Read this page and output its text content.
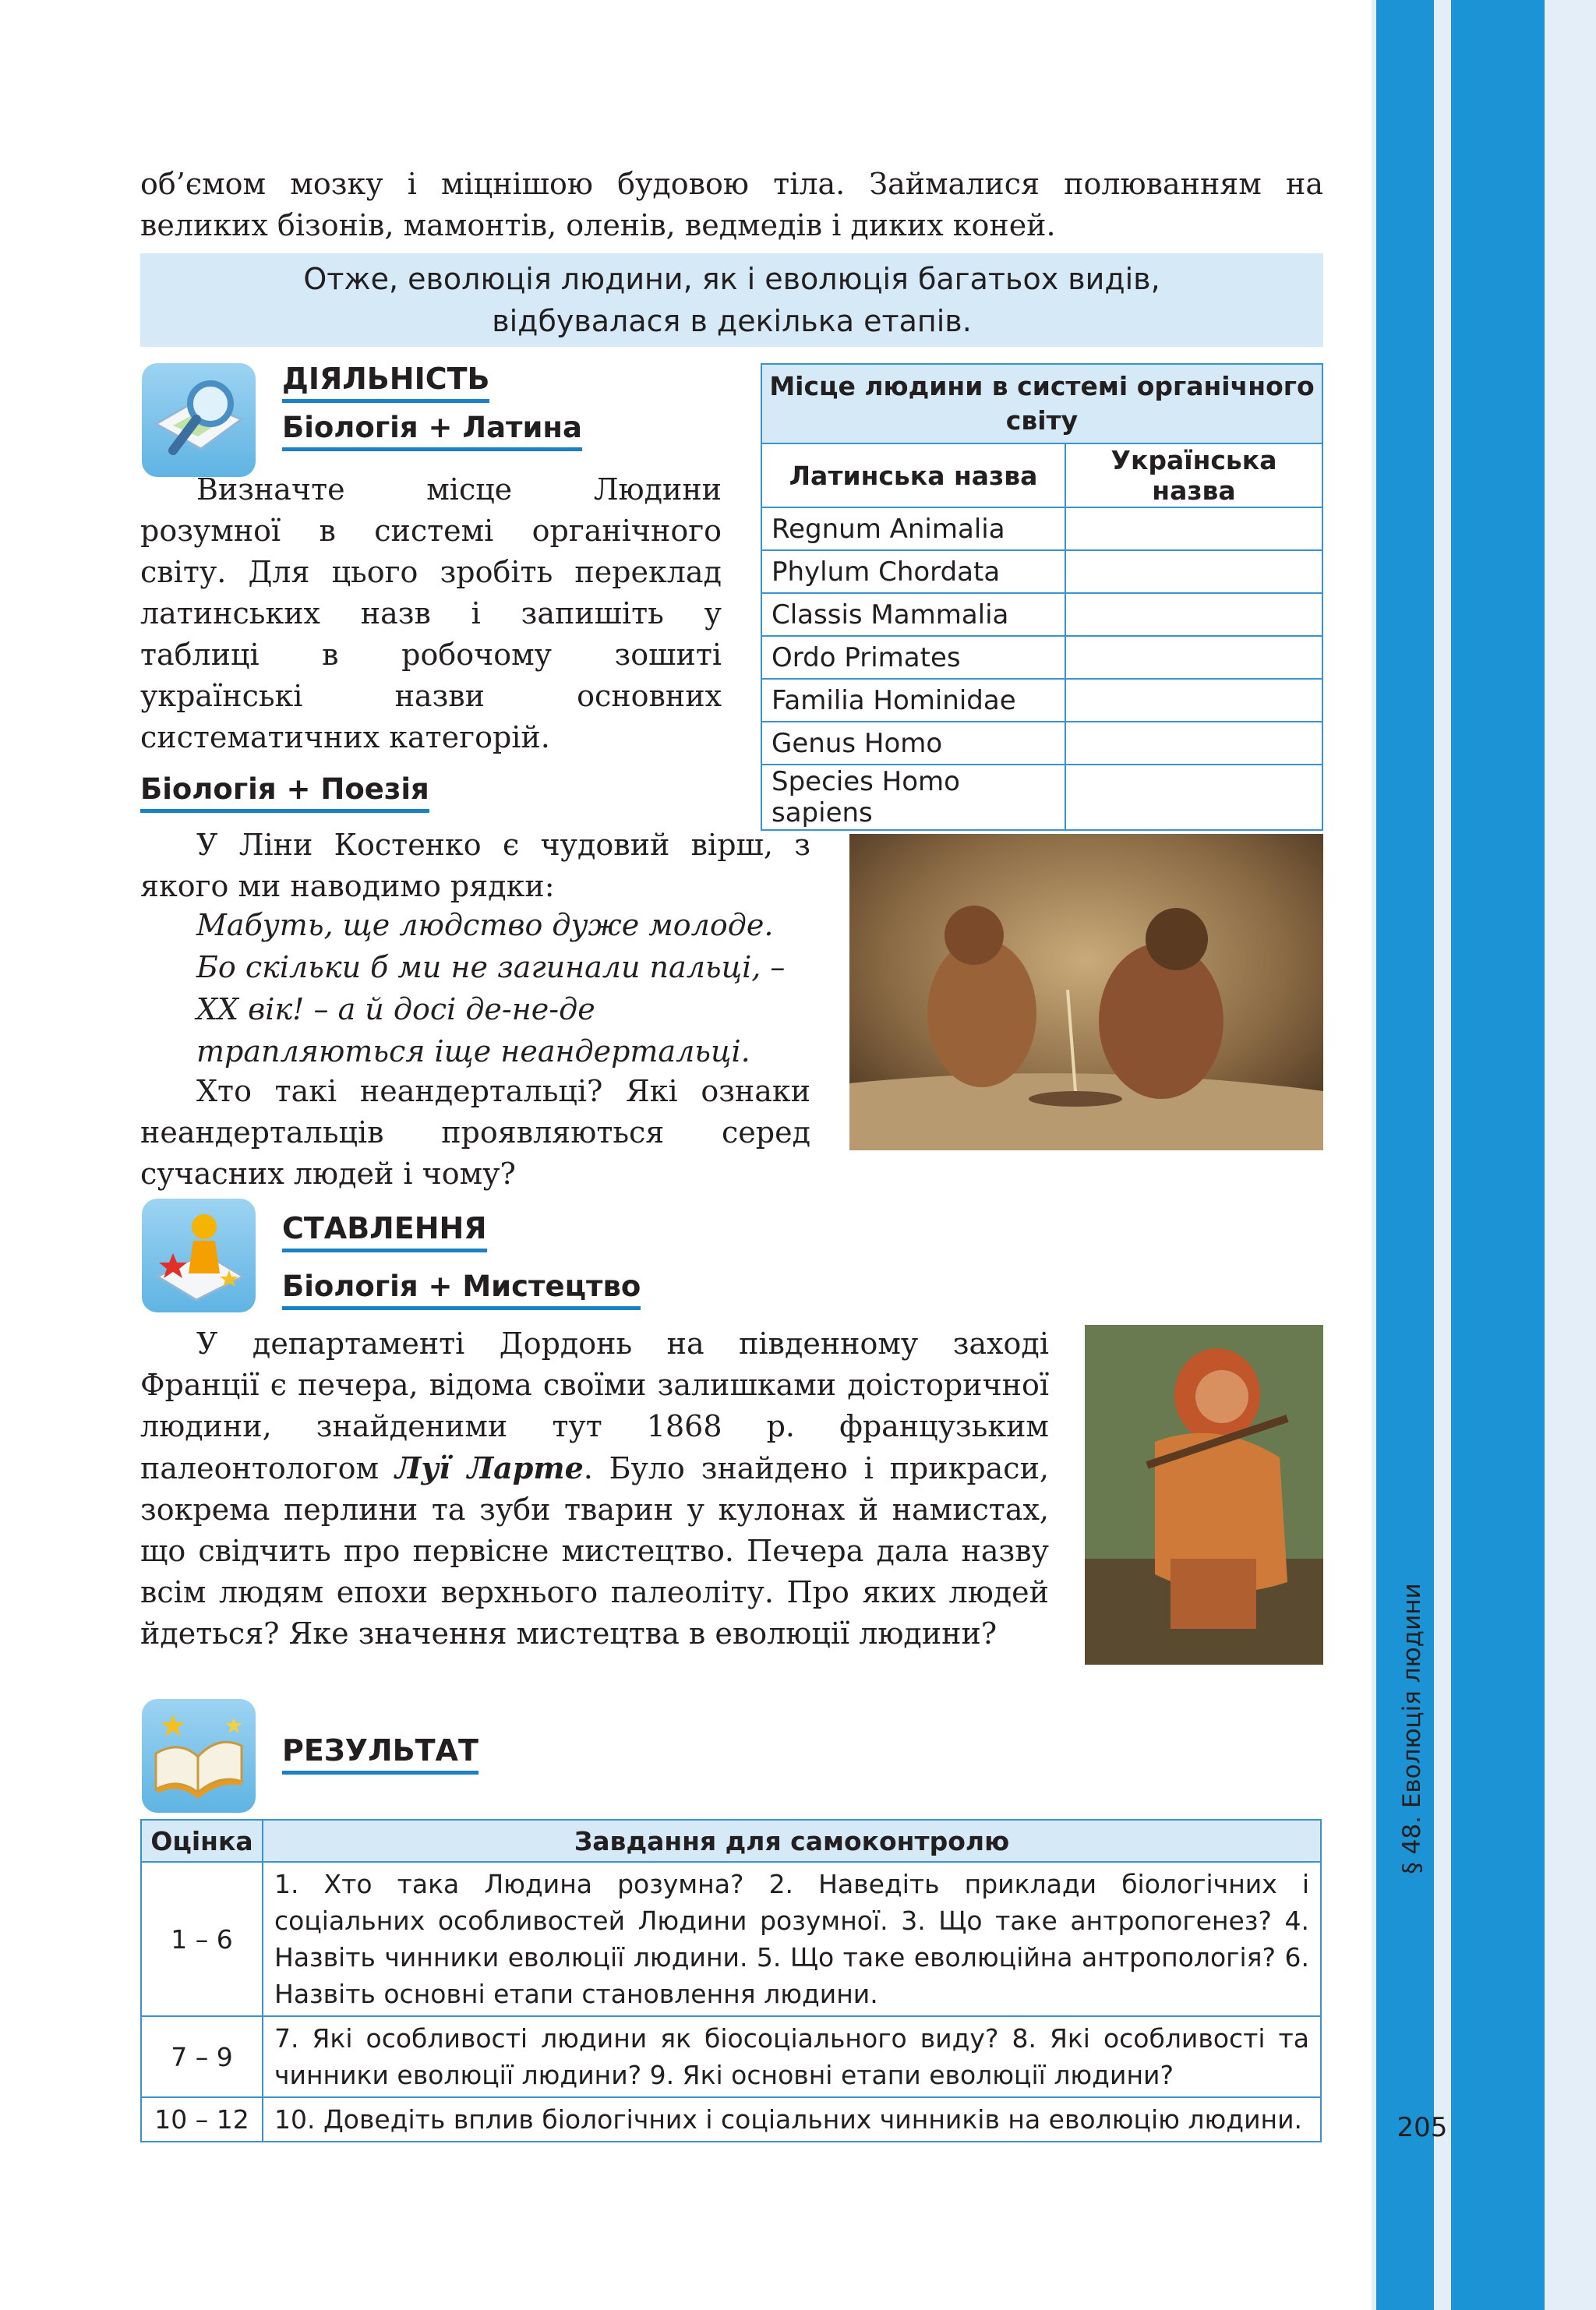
§ 48. Еволюція людини
205

об’ємом мозку і міцнішою будовою тіла. Займалися полюванням на великих бізонів, мамонтів, оленів, ведмедів і диких коней.

Отже, еволюція людини, як і еволюція багатьох видів,
відбувалася в декілька етапів.
ДІЯЛЬНІСТЬ
Біологія + Латина

Визначте місце Людини розумної в системі органічного світу. Для цього зробіть переклад латинських назв і запишіть у таблиці в робочому зошиті українські назви основних систематичних категорій.

Місце людини в системі органічного світу	
Латинська назва	Українська назва
Regnum Animalia	
Phylum Chordata	
Classis Mammalia	
Ordo Primates	
Familia Hominidae	
Genus Homo	
Species Homo sapiens	
Біологія + Поезія

У Ліни Костенко є чудовий вірш, з якого ми наводимо рядки:

Мабуть, ще людство дуже молоде.
Бо скільки б ми не загинали пальці, –
XX вік! – а й досі де-не-де
трапляються іще неандертальці.

Хто такі неандертальці? Які ознаки неандертальців проявляються серед сучасних людей і чому?

СТАВЛЕННЯ
Біологія + Мистецтво

У департаменті Дордонь на південному заході Франції є печера, відома своїми залишками доісторичної людини, знайденими тут 1868 р. французьким палеонтологом Луї Ларте. Було знайдено і прикраси, зокрема перлини та зуби тварин у кулонах й намистах, що свідчить про первісне мистецтво. Печера дала назву всім людям епохи верхнього палеоліту. Про яких людей йдеться? Яке значення мистецтва в еволюції людини?

РЕЗУЛЬТАТ
Оцінка	Завдання для самоконтролю
1 – 6	1. Хто така Людина розумна? 2. Наведіть приклади біологічних і соціальних особливостей Людини розумної. 3. Що таке антропогенез? 4. Назвіть чинники еволюції людини. 5. Що таке еволюційна антропологія? 6. Назвіть основні етапи становлення людини.
7 – 9	7. Які особливості людини як біосоціального виду? 8. Які особливості та чинники еволюції людини? 9. Які основні етапи еволюції людини?
10 – 12	10. Доведіть вплив біологічних і соціальних чинників на еволюцію людини.
